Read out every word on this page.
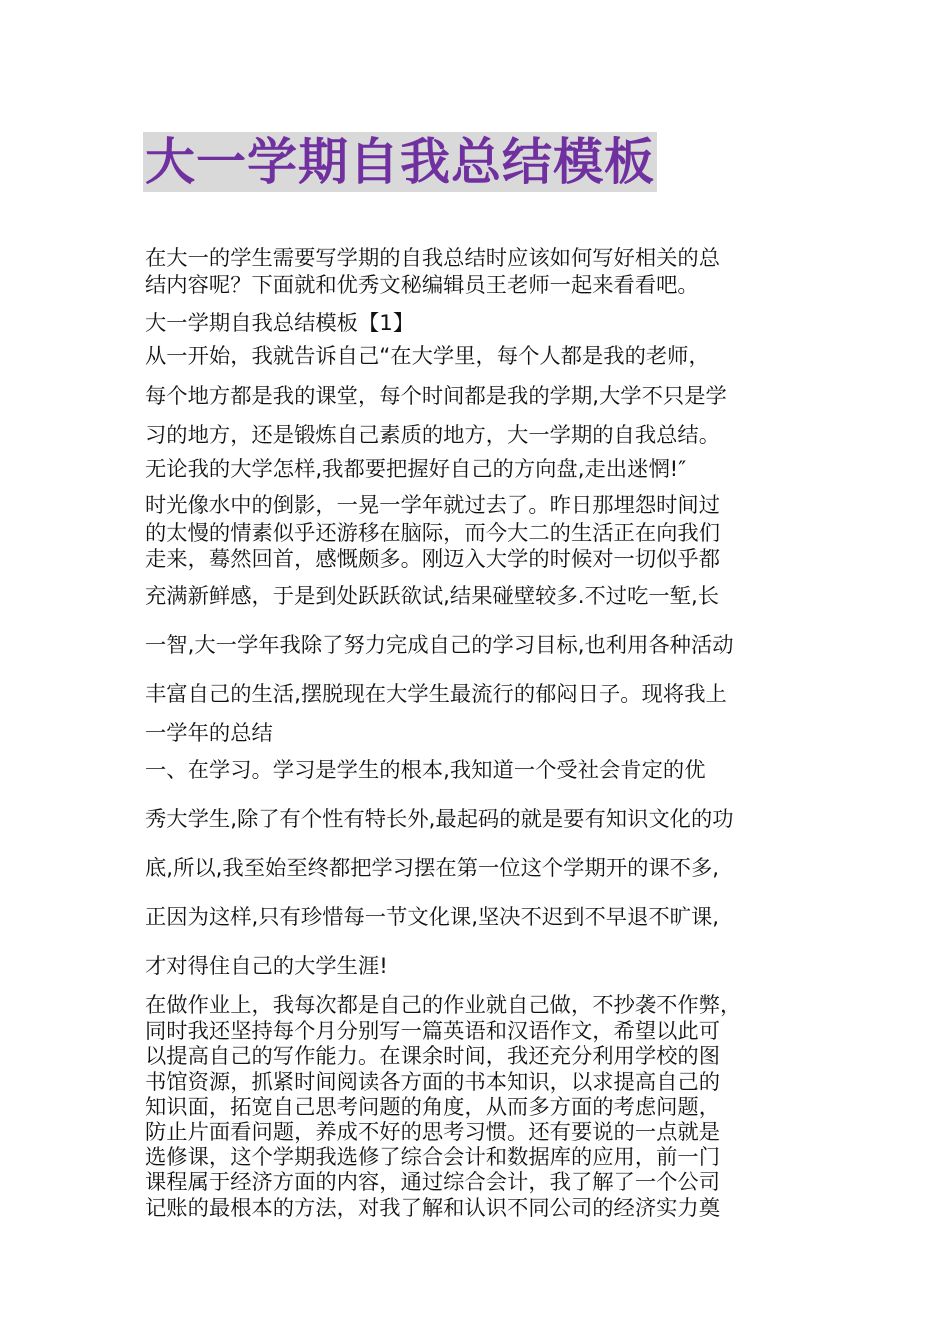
大一学期自我总结模板
在大一的学生需要写学期的自我总结时应该如何写好相关的总
结内容呢？下面就和优秀文秘编辑员王老师一起来看看吧。
大一学期自我总结模板【1】
从一开始，我就告诉自己“在大学里，每个人都是我的老师，
每个地方都是我的课堂，每个时间都是我的学期,大学不只是学
习的地方，还是锻炼自己素质的地方，大一学期的自我总结。
无论我的大学怎样,我都要把握好自己的方向盘,走出迷惘!″
时光像水中的倒影，一晃一学年就过去了。昨日那埋怨时间过
的太慢的情素似乎还游移在脑际，而今大二的生活正在向我们
走来，蓦然回首，感慨颇多。刚迈入大学的时候对一切似乎都
充满新鲜感，于是到处跃跃欲试,结果碰壁较多.不过吃一堑,长
一智,大一学年我除了努力完成自己的学习目标,也利用各种活动
丰富自己的生活,摆脱现在大学生最流行的郁闷日子。现将我上
一学年的总结
一、在学习。学习是学生的根本,我知道一个受社会肯定的优
秀大学生,除了有个性有特长外,最起码的就是要有知识文化的功
底,所以,我至始至终都把学习摆在第一位这个学期开的课不多,
正因为这样,只有珍惜每一节文化课,坚决不迟到不早退不旷课,
才对得住自己的大学生涯!
在做作业上，我每次都是自己的作业就自己做，不抄袭不作弊，
同时我还坚持每个月分别写一篇英语和汉语作文，希望以此可
以提高自己的写作能力。在课余时间，我还充分利用学校的图
书馆资源，抓紧时间阅读各方面的书本知识，以求提高自己的
知识面，拓宽自己思考问题的角度，从而多方面的考虑问题，
防止片面看问题，养成不好的思考习惯。还有要说的一点就是
选修课，这个学期我选修了综合会计和数据库的应用，前一门
课程属于经济方面的内容，通过综合会计，我了解了一个公司
记账的最根本的方法，对我了解和认识不同公司的经济实力奠
